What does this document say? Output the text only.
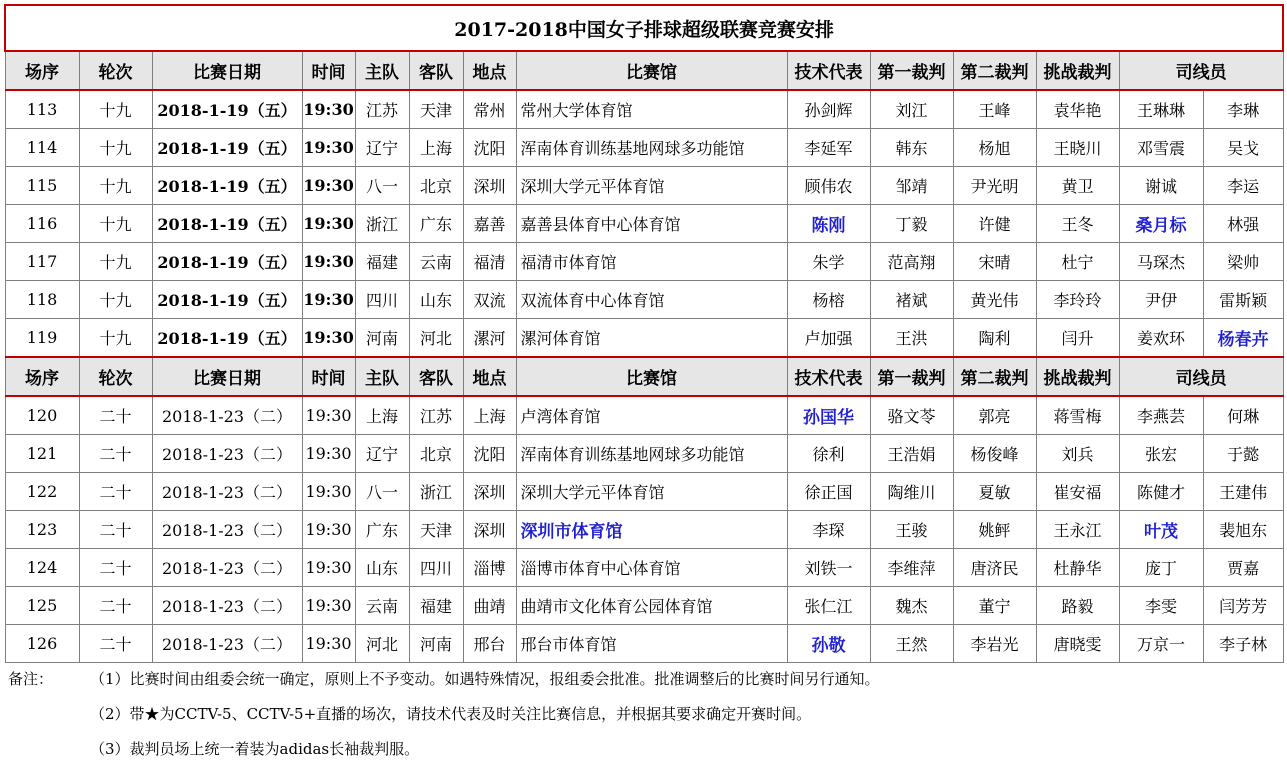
2017-2018中国女子排球超级联赛竞赛安排													
场序	轮次	比赛日期	时间	主队	客队	地点	比赛馆	技术代表	第一裁判	第二裁判	挑战裁判	司线员	
113	十九	2018-1-19（五）	19:30	江苏	天津	常州	常州大学体育馆	孙剑辉	刘江	王峰	袁华艳	王琳琳	李琳
114	十九	2018-1-19（五）	19:30	辽宁	上海	沈阳	浑南体育训练基地网球多功能馆	李延军	韩东	杨旭	王晓川	邓雪震	吴戈
115	十九	2018-1-19（五）	19:30	八一	北京	深圳	深圳大学元平体育馆	顾伟农	邹靖	尹光明	黄卫	谢诚	李运
116	十九	2018-1-19（五）	19:30	浙江	广东	嘉善	嘉善县体育中心体育馆	陈刚	丁毅	许健	王冬	桑月标	林强
117	十九	2018-1-19（五）	19:30	福建	云南	福清	福清市体育馆	朱学	范高翔	宋晴	杜宁	马琛杰	梁帅
118	十九	2018-1-19（五）	19:30	四川	山东	双流	双流体育中心体育馆	杨榕	褚斌	黄光伟	李玲玲	尹伊	雷斯颖
119	十九	2018-1-19（五）	19:30	河南	河北	漯河	漯河体育馆	卢加强	王洪	陶利	闫升	姜欢环	杨春卉
场序	轮次	比赛日期	时间	主队	客队	地点	比赛馆	技术代表	第一裁判	第二裁判	挑战裁判	司线员	
120	二十	2018-1-23（二）	19:30	上海	江苏	上海	卢湾体育馆	孙国华	骆文苓	郭亮	蒋雪梅	李燕芸	何琳
121	二十	2018-1-23（二）	19:30	辽宁	北京	沈阳	浑南体育训练基地网球多功能馆	徐利	王浩娟	杨俊峰	刘兵	张宏	于懿
122	二十	2018-1-23（二）	19:30	八一	浙江	深圳	深圳大学元平体育馆	徐正国	陶维川	夏敏	崔安福	陈健才	王建伟
123	二十	2018-1-23（二）	19:30	广东	天津	深圳	深圳市体育馆	李琛	王骏	姚鲆	王永江	叶茂	裴旭东
124	二十	2018-1-23（二）	19:30	山东	四川	淄博	淄博市体育中心体育馆	刘铁一	李维萍	唐济民	杜静华	庞丁	贾嘉
125	二十	2018-1-23（二）	19:30	云南	福建	曲靖	曲靖市文化体育公园体育馆	张仁江	魏杰	董宁	路毅	李雯	闫芳芳
126	二十	2018-1-23（二）	19:30	河北	河南	邢台	邢台市体育馆	孙敬	王然	李岩光	唐晓雯	万京一	李子林
备注： （1）比赛时间由组委会统一确定，原则上不予变动。如遇特殊情况，报组委会批准。批准调整后的比赛时间另行通知。
（2）带★为CCTV-5、CCTV-5+直播的场次，请技术代表及时关注比赛信息，并根据其要求确定开赛时间。
（3）裁判员场上统一着装为adidas长袖裁判服。
